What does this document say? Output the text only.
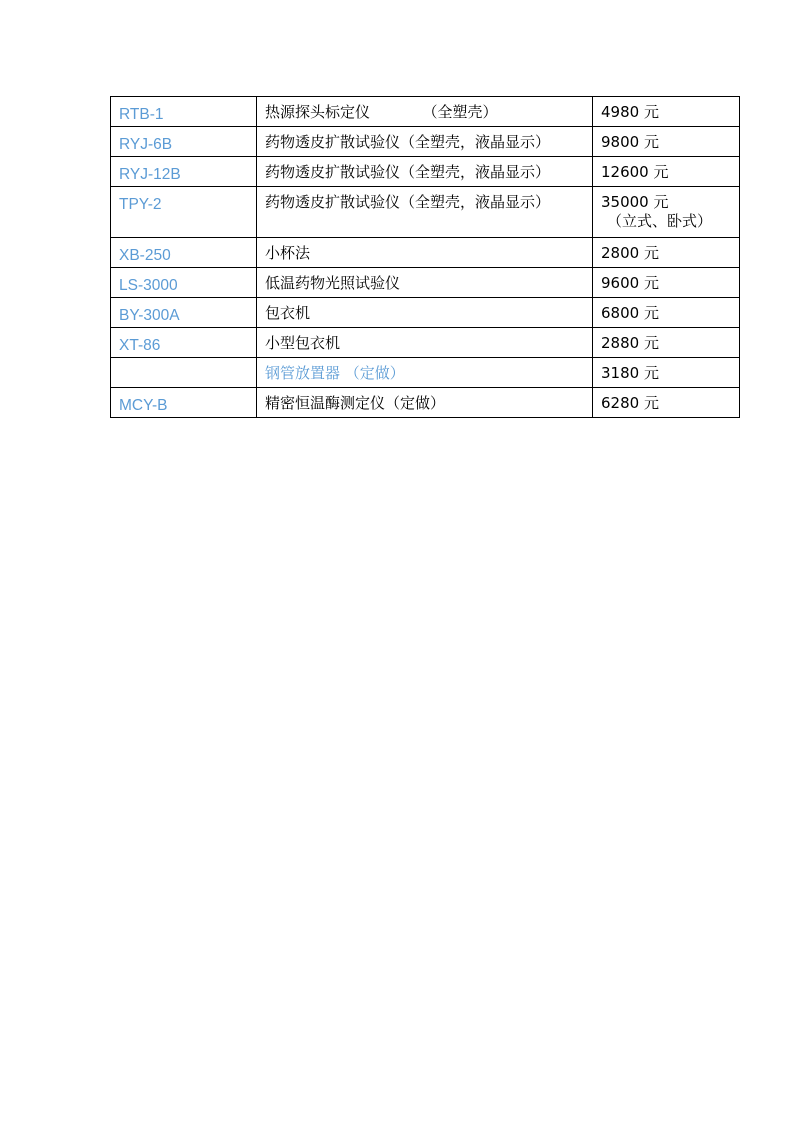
RTB-1	热源探头标定仪　　　　（全塑壳）	4980 元

RYJ-6B	药物透皮扩散试验仪（全塑壳，液晶显示）	9800 元

RYJ-12B	药物透皮扩散试验仪（全塑壳，液晶显示）	12600 元

TPY-2	药物透皮扩散试验仪（全塑壳，液晶显示）	35000 元
（立式、卧式）

XB-250	小杯法	2800 元

LS-3000	低温药物光照试验仪	9600 元

BY-300A	包衣机	6800 元

XT-86	小型包衣机	2880 元

	钢管放置器 （定做）	3180 元

MCY-B	精密恒温酶测定仪（定做）	6280 元
